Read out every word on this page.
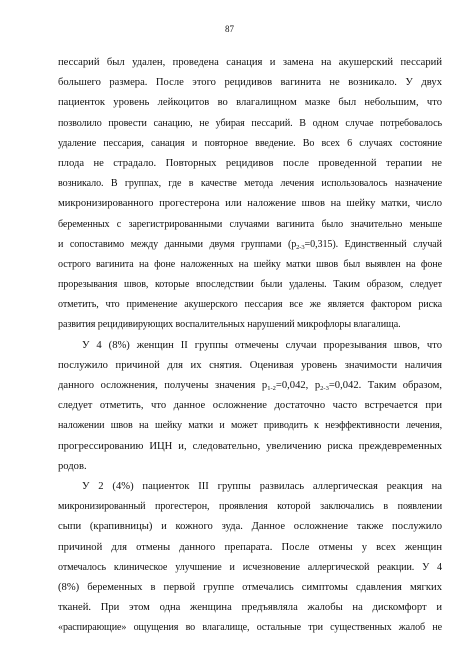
87
пессарий был удален, проведена санация и замена на акушерский пессарий
большего размера. После этого рецидивов вагинита не возникало. У двух
пациенток уровень лейкоцитов во влагалищном мазке был небольшим, что
позволило провести санацию, не убирая пессарий. В одном случае потребовалось
удаление пессария, санация и повторное введение. Во всех 6 случаях состояние
плода не страдало. Повторных рецидивов после проведенной терапии не
возникало. В группах, где в качестве метода лечения использовалось назначение
микронизированного прогестерона или наложение швов на шейку матки, число
беременных с зарегистрированными случаями вагинита было значительно меньше
и сопоставимо между данными двумя группами $(p_{2-3}=0,315)$. Единственный случай
острого вагинита на фоне наложенных на шейку матки швов был выявлен на фоне
прорезывания швов, которые впоследствии были удалены. Таким образом, следует
отметить, что применение акушерского пессария все же является фактором риска
развития рецидивирующих воспалительных нарушений микрофлоры влагалища.
У 4 (8%) женщин II группы отмечены случаи прорезывания швов, что
послужило причиной для их снятия. Оценивая уровень значимости наличия
данного осложнения, получены значения $p_{1-2}=0,042$, $p_{2-3}=0,042$. Таким образом,
следует отметить, что данное осложнение достаточно часто встречается при
наложении швов на шейку матки и может приводить к неэффективности лечения,
прогрессированию ИЦН и, следовательно, увеличению риска преждевременных
родов.
У 2 (4%) пациенток III группы развилась аллергическая реакция на
микронизированный прогестерон, проявления которой заключались в появлении
сыпи (крапивницы) и кожного зуда. Данное осложнение также послужило
причиной для отмены данного препарата. После отмены у всех женщин
отмечалось клиническое улучшение и исчезновение аллергической реакции. У 4
(8%) беременных в первой группе отмечались симптомы сдавления мягких
тканей. При этом одна женщина предъявляла жалобы на дискомфорт и
«распирающие» ощущения во влагалище, остальные три существенных жалоб не
